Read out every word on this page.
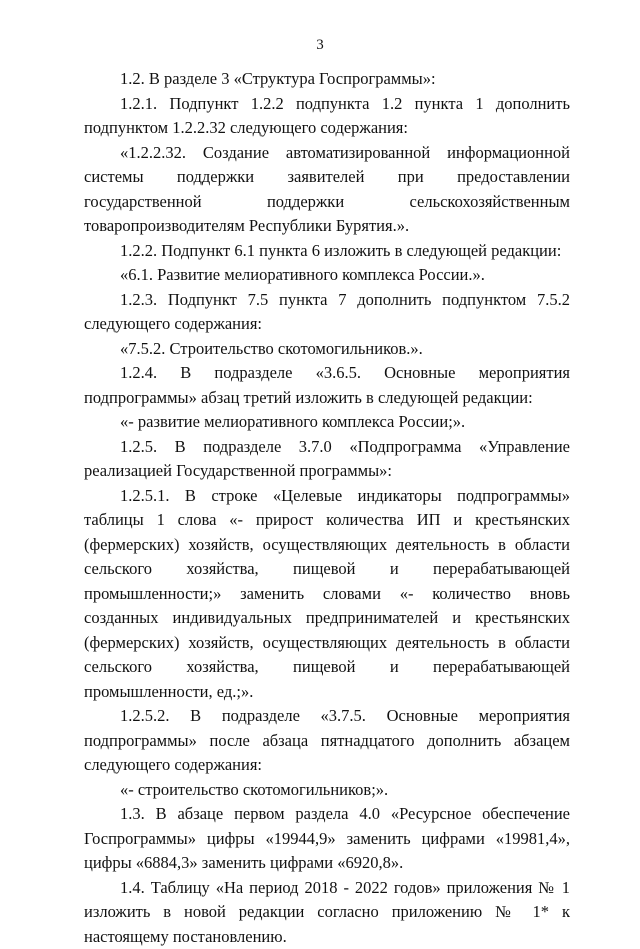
3

1.2. В разделе 3 «Структура Госпрограммы»:

1.2.1. Подпункт 1.2.2 подпункта 1.2 пункта 1 дополнить подпунктом 1.2.2.32 следующего содержания:

«1.2.2.32. Создание автоматизированной информационной системы поддержки заявителей при предоставлении государственной поддержки сельскохозяйственным товаропроизводителям Республики Бурятия.».

1.2.2. Подпункт 6.1 пункта 6 изложить в следующей редакции:

«6.1. Развитие мелиоративного комплекса России.».

1.2.3. Подпункт 7.5 пункта 7 дополнить подпунктом 7.5.2 следующего содержания:

«7.5.2. Строительство скотомогильников.».

1.2.4. В подразделе «3.6.5. Основные мероприятия подпрограммы» абзац третий изложить в следующей редакции:

«- развитие мелиоративного комплекса России;».

1.2.5. В подразделе 3.7.0 «Подпрограмма «Управление реализацией Государственной программы»:

1.2.5.1. В строке «Целевые индикаторы подпрограммы» таблицы 1 слова «- прирост количества ИП и крестьянских (фермерских) хозяйств, осуществляющих деятельность в области сельского хозяйства, пищевой и перерабатывающей промышленности;» заменить словами «- количество вновь созданных индивидуальных предпринимателей и крестьянских (фермерских) хозяйств, осуществляющих деятельность в области сельского хозяйства, пищевой и перерабатывающей промышленности, ед.;».

1.2.5.2. В подразделе «3.7.5. Основные мероприятия подпрограммы» после абзаца пятнадцатого дополнить абзацем следующего содержания:

«- строительство скотомогильников;».

1.3. В абзаце первом раздела 4.0 «Ресурсное обеспечение Госпрограммы» цифры «19944,9» заменить цифрами «19981,4», цифры «6884,3» заменить цифрами «6920,8».

1.4. Таблицу «На период 2018 - 2022 годов» приложения № 1 изложить в новой редакции согласно приложению № 1* к настоящему постановлению.
